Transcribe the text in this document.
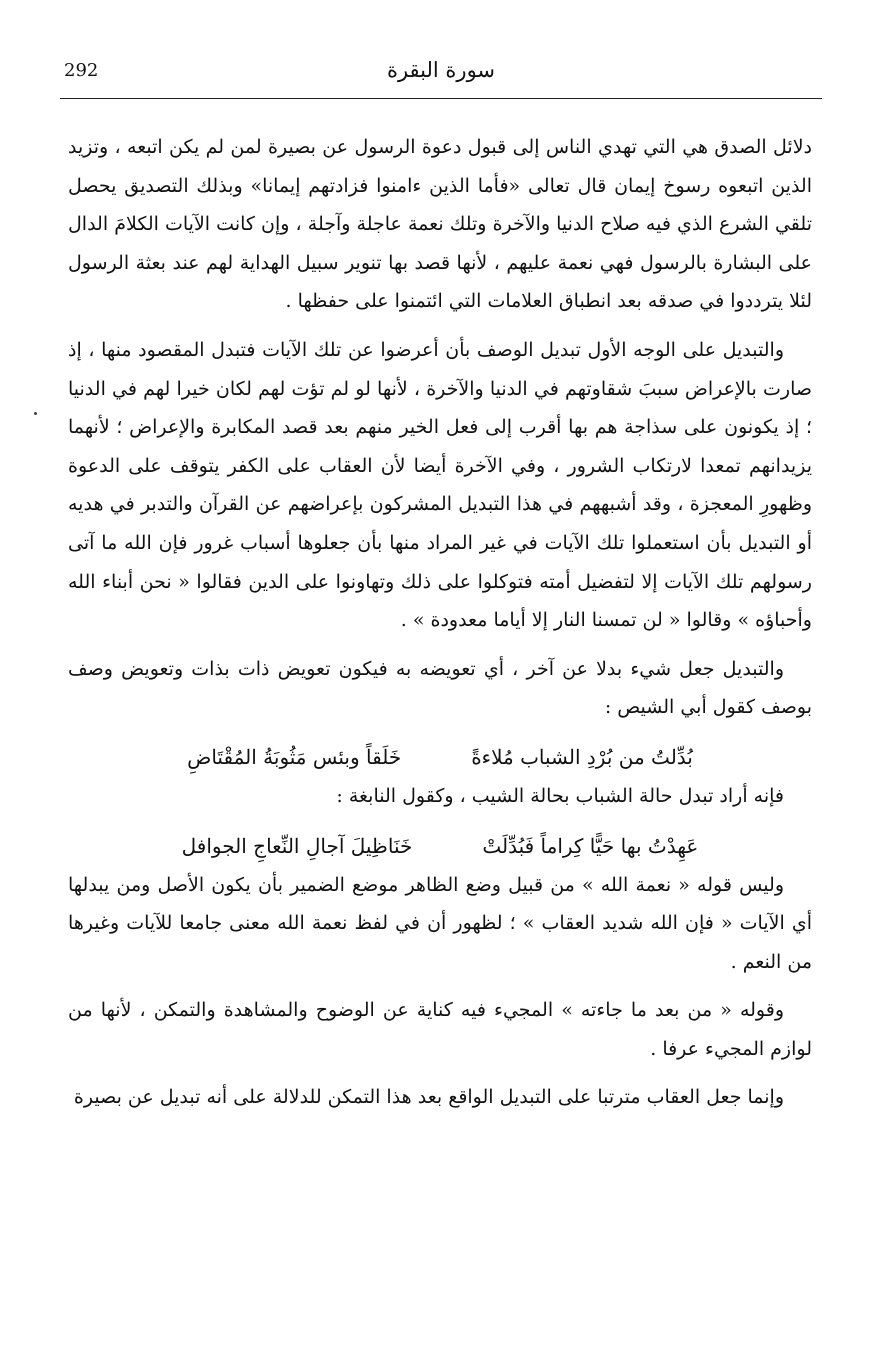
292	سورة البقرة

دلائل الصدق هي التي تهدي الناس إلى قبول دعوة الرسول عن بصيرة لمن لم يكن اتبعه ، وتزيد الذين اتبعوه رسوخ إيمان قال تعالى «فأما الذين ءامنوا فزادتهم إيمانا» وبذلك التصديق يحصل تلقي الشرع الذي فيه صلاح الدنيا والآخرة وتلك نعمة عاجلة وآجلة ، وإن كانت الآيات الكلامَ الدال على البشارة بالرسول فهي نعمة عليهم ، لأنها قصد بها تنوير سبيل الهداية لهم عند بعثة الرسول لئلا يترددوا في صدقه بعد انطباق العلامات التي ائتمنوا على حفظها .

والتبديل على الوجه الأول تبديل الوصف بأن أعرضوا عن تلك الآيات فتبدل المقصود منها ، إذ صارت بالإعراض سببَ شقاوتهم في الدنيا والآخرة ، لأنها لو لم تؤت لهم لكان خيرا لهم في الدنيا ؛ إذ يكونون على سذاجة هم بها أقرب إلى فعل الخير منهم بعد قصد المكابرة والإعراض ؛ لأنهما يزيدانهم تمعدا لارتكاب الشرور ، وفي الآخرة أيضا لأن العقاب على الكفر يتوقف على الدعوة وظهورِ المعجزة ، وقد أشبههم في هذا التبديل المشركون بإعراضهم عن القرآن والتدبر في هديه أو التبديل بأن استعملوا تلك الآيات في غير المراد منها بأن جعلوها أسباب غرور فإن الله ما آتى رسولهم تلك الآيات إلا لتفضيل أمته فتوكلوا على ذلك وتهاونوا على الدين فقالوا « نحن أبناء الله وأحباؤه » وقالوا « لن تمسنا النار إلا أياما معدودة » .

والتبديل جعل شيء بدلا عن آخر ، أي تعويضه به فيكون تعويض ذات بذات وتعويض وصف بوصف كقول أبي الشيص :

بُدِّلتُ من بُرْدِ الشباب مُلاءةً
خَلَقاً وبئس مَثُوبَةُ المُقْتَاضِ

فإنه أراد تبدل حالة الشباب بحالة الشيب ، وكقول النابغة :

عَهِدْتُ بها حَيًّا كِراماً فَبُدِّلَتْ
خَنَاظِيلَ آجالِ النِّعاجِ الجوافل

وليس قوله « نعمة الله » من قبيل وضع الظاهر موضع الضمير بأن يكون الأصل ومن يبدلها أي الآيات « فإن الله شديد العقاب » ؛ لظهور أن في لفظ نعمة الله معنى جامعا للآيات وغيرها من النعم .

وقوله « من بعد ما جاءته » المجيء فيه كناية عن الوضوح والمشاهدة والتمكن ، لأنها من لوازم المجيء عرفا .

وإنما جعل العقاب مترتبا على التبديل الواقع بعد هذا التمكن للدلالة على أنه تبديل عن بصيرة
